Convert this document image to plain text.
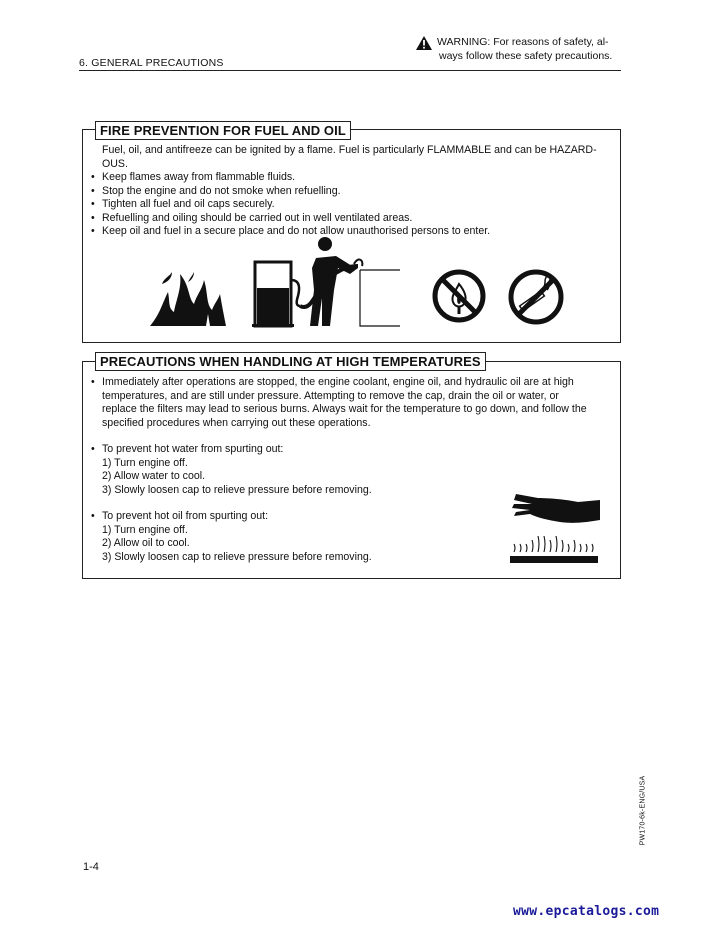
WARNING: For reasons of safety, al-
ways follow these safety precautions.
6. GENERAL PRECAUTIONS
FIRE PREVENTION FOR FUEL AND OIL
Fuel, oil, and antifreeze can be ignited by a flame. Fuel is particularly FLAMMABLE and can be HAZARD-
OUS.
• Keep flames away from flammable fluids.
• Stop the engine and do not smoke when refuelling.
• Tighten all fuel and oil caps securely.
• Refuelling and oiling should be carried out in well ventilated areas.
• Keep oil and fuel in a secure place and do not allow unauthorised persons to enter.
PRECAUTIONS WHEN HANDLING AT HIGH TEMPERATURES
• Immediately after operations are stopped, the engine coolant, engine oil, and hydraulic oil are at high
temperatures, and are still under pressure. Attempting to remove the cap, drain the oil or water, or
replace the filters may lead to serious burns. Always wait for the temperature to go down, and follow the
specified procedures when carrying out these operations.
• To prevent hot water from spurting out:
1) Turn engine off.
2) Allow water to cool.
3) Slowly loosen cap to relieve pressure before removing.
• To prevent hot oil from spurting out:
1) Turn engine off.
2) Allow oil to cool.
3) Slowly loosen cap to relieve pressure before removing.
1-4
PW170-6k-ENG/USA
www.epcatalogs.com
